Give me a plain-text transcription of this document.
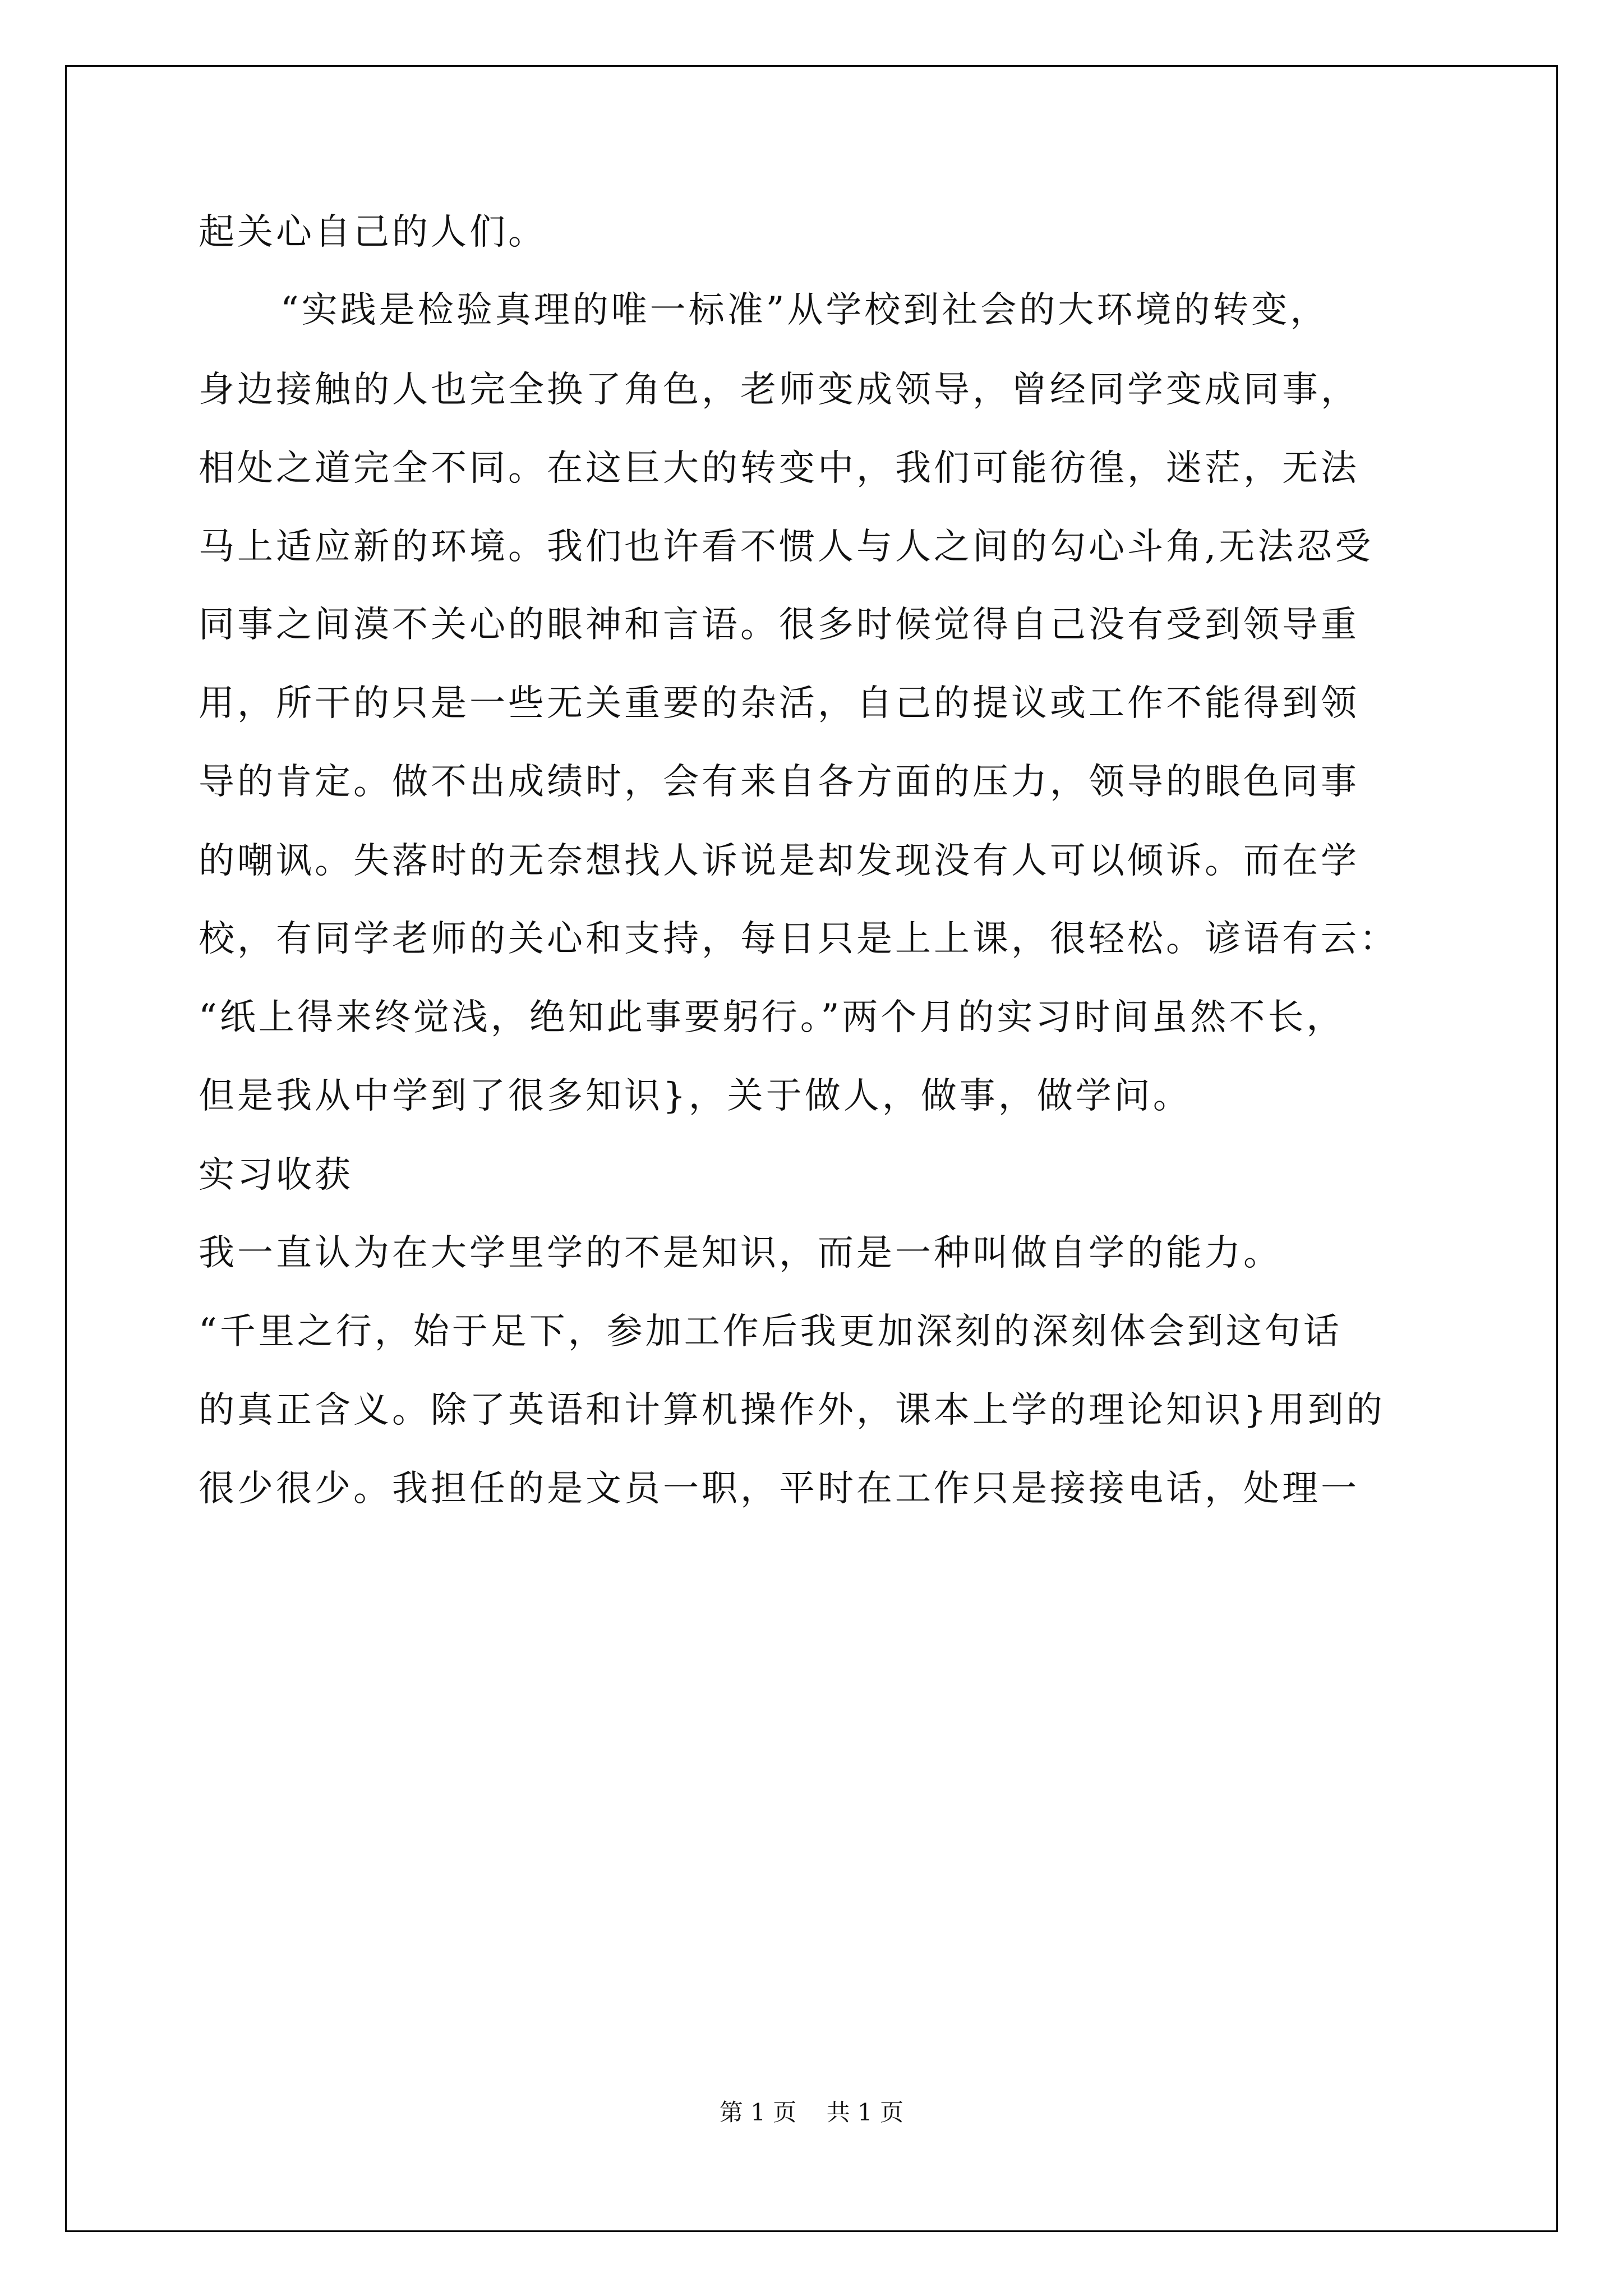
起关心自己的人们。
“实践是检验真理的唯一标准”从学校到社会的大环境的转变，
身边接触的人也完全换了角色，老师变成领导，曾经同学变成同事，
相处之道完全不同。在这巨大的转变中，我们可能彷徨，迷茫，无法
马上适应新的环境。我们也许看不惯人与人之间的勾心斗角,无法忍受
同事之间漠不关心的眼神和言语。很多时候觉得自己没有受到领导重
用，所干的只是一些无关重要的杂活，自己的提议或工作不能得到领
导的肯定。做不出成绩时，会有来自各方面的压力，领导的眼色同事
的嘲讽。失落时的无奈想找人诉说是却发现没有人可以倾诉。而在学
校，有同学老师的关心和支持，每日只是上上课，很轻松。谚语有云：
“纸上得来终觉浅，绝知此事要躬行。”两个月的实习时间虽然不长，
但是我从中学到了很多知识}，关于做人，做事，做学问。
实习收获
我一直认为在大学里学的不是知识，而是一种叫做自学的能力。
“千里之行，始于足下，参加工作后我更加深刻的深刻体会到这句话
的真正含义。除了英语和计算机操作外，课本上学的理论知识}用到的
很少很少。我担任的是文员一职，平时在工作只是接接电话，处理一
第 1 页    共 1 页
